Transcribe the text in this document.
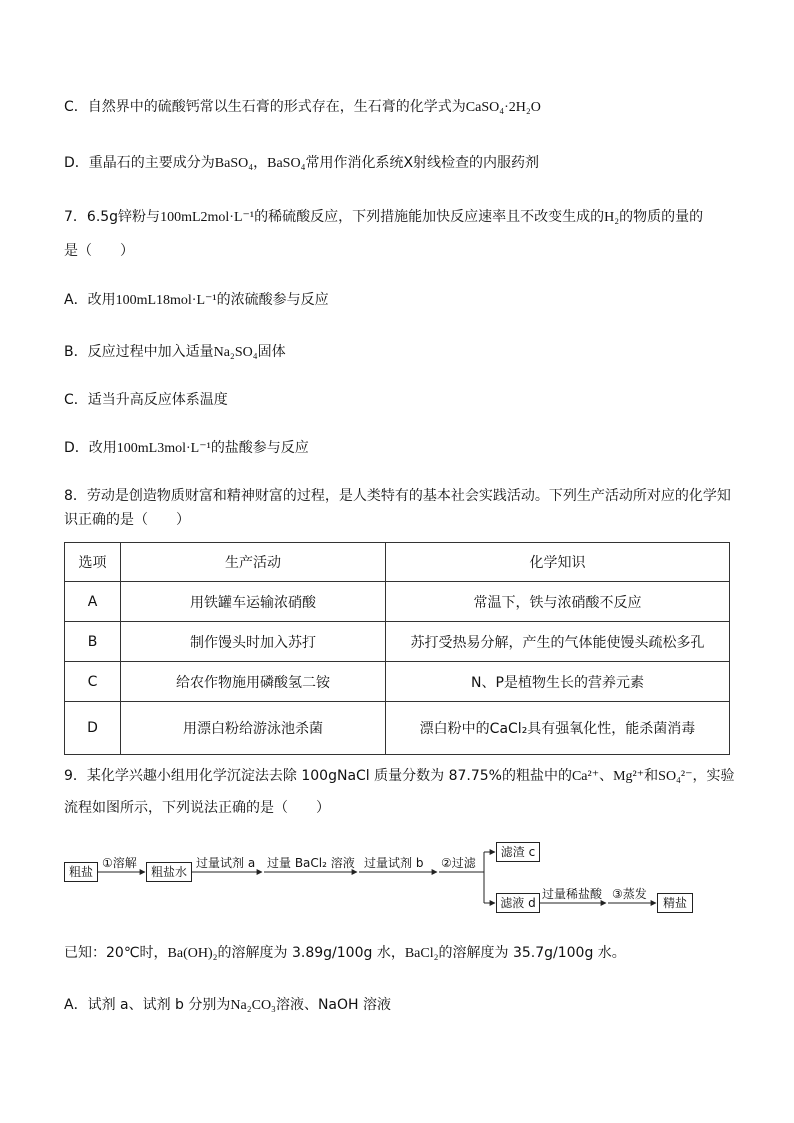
C．自然界中的硫酸钙常以生石膏的形式存在，生石膏的化学式为CaSO₄·2H₂O
D．重晶石的主要成分为BaSO₄，BaSO₄常用作消化系统X射线检查的内服药剂
7．6.5g锌粉与100mL2mol·L⁻¹的稀硫酸反应，下列措施能加快反应速率且不改变生成的H₂的物质的量的
是（　　）
A．改用100mL18mol·L⁻¹的浓硫酸参与反应
B．反应过程中加入适量Na₂SO₄固体
C．适当升高反应体系温度
D．改用100mL3mol·L⁻¹的盐酸参与反应
8．劳动是创造物质财富和精神财富的过程，是人类特有的基本社会实践活动。下列生产活动所对应的化学知
识正确的是（　　）
选项	生产活动	化学知识
A	用铁罐车运输浓硝酸	常温下，铁与浓硝酸不反应
B	制作馒头时加入苏打	苏打受热易分解，产生的气体能使馒头疏松多孔
C	给农作物施用磷酸氢二铵	N、P是植物生长的营养元素
D	用漂白粉给游泳池杀菌	漂白粉中的CaCl₂具有强氧化性，能杀菌消毒
9．某化学兴趣小组用化学沉淀法去除 100gNaCl 质量分数为 87.75%的粗盐中的Ca²⁺、Mg²⁺和SO₄²⁻，实验
流程如图所示，下列说法正确的是（　　）
粗盐
①溶解
粗盐水
过量试剂 a 过量 BaCl₂ 溶液 过量试剂 b ②过滤
滤渣 c
滤液 d
过量稀盐酸 ③蒸发
精盐
已知：20℃时，Ba(OH)₂的溶解度为 3.89g/100g 水，BaCl₂的溶解度为 35.7g/100g 水。
A．试剂 a、试剂 b 分别为Na₂CO₃溶液、NaOH 溶液
